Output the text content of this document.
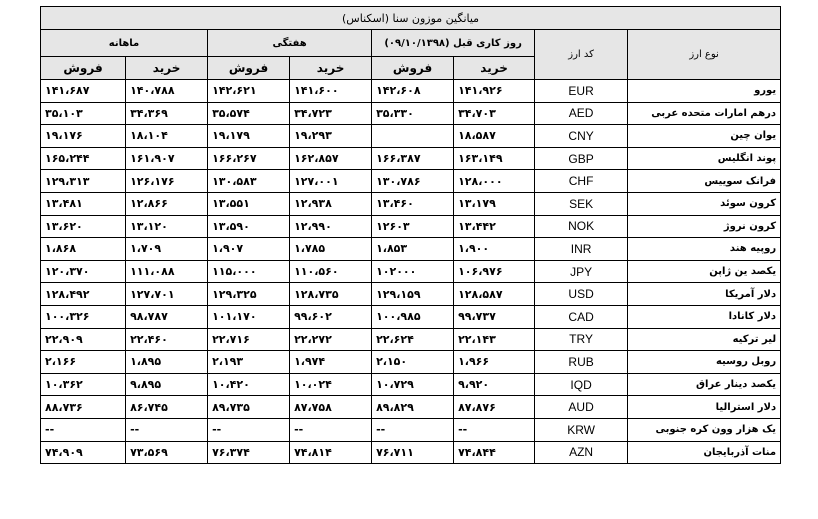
میانگین موزون سنا (اسکناس)							
نوع ارز	کد ارز	روز کاری قبل (۰۹/۱۰/۱۳۹۸)		هفتگی		ماهانه	
		خرید	فروش	خرید	فروش	خرید	فروش
یورو	EUR	۱۴۱،۹۲۶	۱۴۲،۶۰۸	۱۴۱،۶۰۰	۱۴۲،۶۲۱	۱۴۰،۷۸۸	۱۴۱،۶۸۷
درهم امارات متحده عربی	AED	۳۴،۷۰۳	۳۵،۳۳۰	۳۴،۷۲۳	۳۵،۵۷۴	۳۴،۳۶۹	۳۵،۱۰۳
یوان چین	CNY	۱۸،۵۸۷		۱۹،۲۹۳	۱۹،۱۷۹	۱۸،۱۰۴	۱۹،۱۷۶
پوند انگلیس	GBP	۱۶۳،۱۴۹	۱۶۶،۳۸۷	۱۶۲،۸۵۷	۱۶۶،۲۶۷	۱۶۱،۹۰۷	۱۶۵،۲۴۴
فرانک سوییس	CHF	۱۲۸،۰۰۰	۱۳۰،۷۸۶	۱۲۷،۰۰۱	۱۳۰،۵۸۳	۱۲۶،۱۷۶	۱۲۹،۳۱۳
کرون سوئد	SEK	۱۳،۱۷۹	۱۳،۴۶۰	۱۲،۹۳۸	۱۳،۵۵۱	۱۲،۸۶۶	۱۳،۴۸۱
کرون نروژ	NOK	۱۳،۴۴۲	۱۲۶۰۳	۱۲،۹۹۰	۱۳،۵۹۰	۱۳،۱۲۰	۱۳،۶۲۰
روپیه هند	INR	۱،۹۰۰	۱،۸۵۳	۱،۷۸۵	۱،۹۰۷	۱،۷۰۹	۱،۸۶۸
یکصد ین ژاپن	JPY	۱۰۶،۹۷۶	۱۰۲۰۰۰	۱۱۰،۵۶۰	۱۱۵،۰۰۰	۱۱۱،۰۸۸	۱۲۰،۳۷۰
دلار آمریکا	USD	۱۲۸،۵۸۷	۱۲۹،۱۵۹	۱۲۸،۷۳۵	۱۲۹،۳۲۵	۱۲۷،۷۰۱	۱۲۸،۴۹۲
دلار کانادا	CAD	۹۹،۷۳۷	۱۰۰،۹۸۵	۹۹،۶۰۲	۱۰۱،۱۷۰	۹۸،۷۸۷	۱۰۰،۳۲۶
لیر ترکیه	TRY	۲۲،۱۴۳	۲۲،۶۲۴	۲۲،۲۷۲	۲۲،۷۱۶	۲۲،۴۶۰	۲۲،۹۰۹
روبل روسیه	RUB	۱،۹۶۶	۲،۱۵۰	۱،۹۷۴	۲،۱۹۳	۱،۸۹۵	۲،۱۶۶
یکصد دینار عراق	IQD	۹،۹۲۰	۱۰،۷۲۹	۱۰،۰۲۴	۱۰،۴۲۰	۹،۸۹۵	۱۰،۳۶۲
دلار استرالیا	AUD	۸۷،۸۷۶	۸۹،۸۲۹	۸۷،۷۵۸	۸۹،۷۳۵	۸۶،۷۴۵	۸۸،۷۳۶
یک هزار وون کره جنوبی	KRW	--	--	--	--	--	--
منات آذربایجان	AZN	۷۴،۸۴۴	۷۶،۷۱۱	۷۴،۸۱۴	۷۶،۳۷۴	۷۳،۵۶۹	۷۴،۹۰۹
